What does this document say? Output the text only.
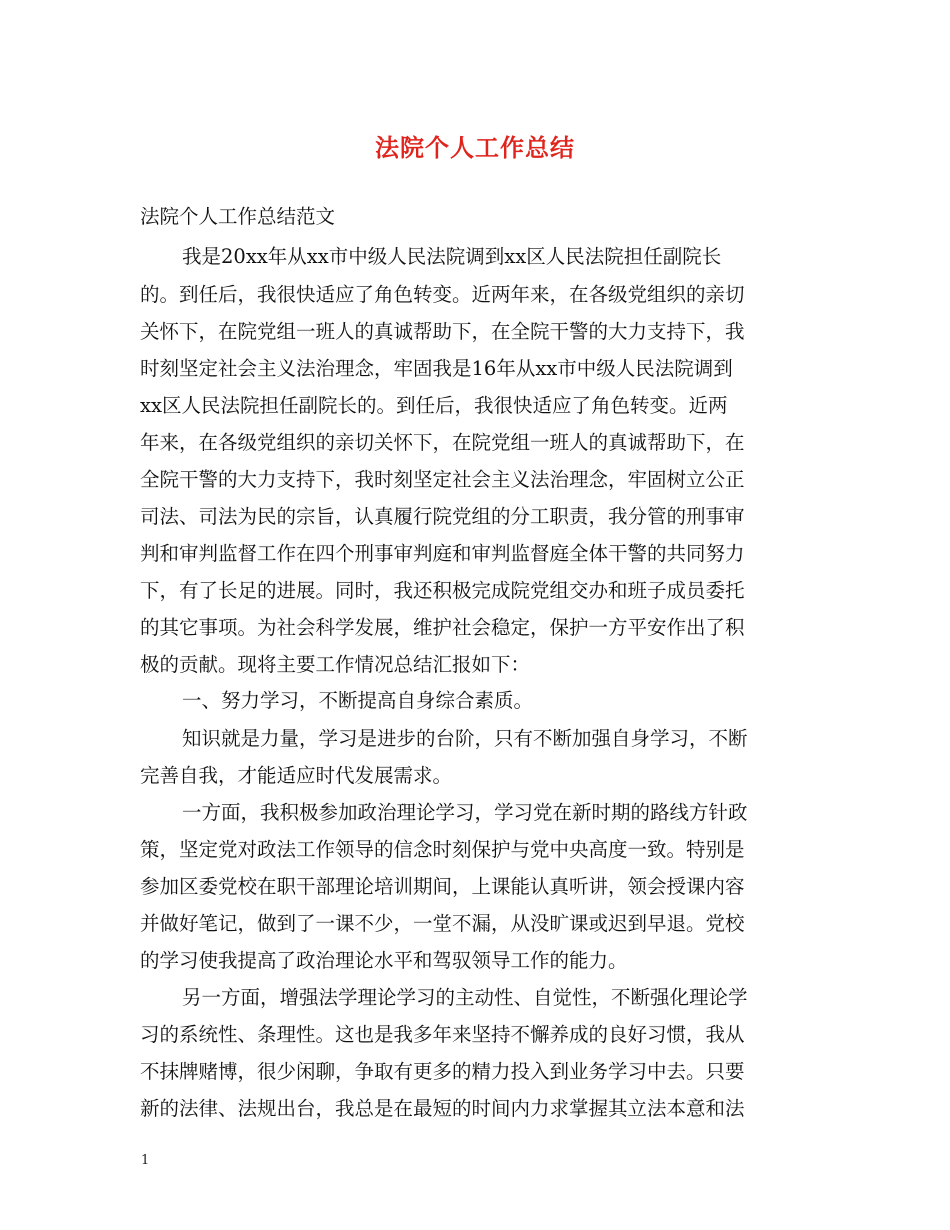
法院个人工作总结
法院个人工作总结范文
我是20xx年从xx市中级人民法院调到xx区人民法院担任副院长
的。到任后，我很快适应了角色转变。近两年来，在各级党组织的亲切
关怀下，在院党组一班人的真诚帮助下，在全院干警的大力支持下，我
时刻坚定社会主义法治理念，牢固我是16年从xx市中级人民法院调到
xx区人民法院担任副院长的。到任后，我很快适应了角色转变。近两
年来，在各级党组织的亲切关怀下，在院党组一班人的真诚帮助下，在
全院干警的大力支持下，我时刻坚定社会主义法治理念，牢固树立公正
司法、司法为民的宗旨，认真履行院党组的分工职责，我分管的刑事审
判和审判监督工作在四个刑事审判庭和审判监督庭全体干警的共同努力
下，有了长足的进展。同时，我还积极完成院党组交办和班子成员委托
的其它事项。为社会科学发展，维护社会稳定，保护一方平安作出了积
极的贡献。现将主要工作情况总结汇报如下：
一、努力学习，不断提高自身综合素质。
知识就是力量，学习是进步的台阶，只有不断加强自身学习，不断
完善自我，才能适应时代发展需求。
一方面，我积极参加政治理论学习，学习党在新时期的路线方针政
策，坚定党对政法工作领导的信念时刻保护与党中央高度一致。特别是
参加区委党校在职干部理论培训期间，上课能认真听讲，领会授课内容
并做好笔记，做到了一课不少，一堂不漏，从没旷课或迟到早退。党校
的学习使我提高了政治理论水平和驾驭领导工作的能力。
另一方面，增强法学理论学习的主动性、自觉性，不断强化理论学
习的系统性、条理性。这也是我多年来坚持不懈养成的良好习惯，我从
不抹牌赌博，很少闲聊，争取有更多的精力投入到业务学习中去。只要
新的法律、法规出台，我总是在最短的时间内力求掌握其立法本意和法
1
